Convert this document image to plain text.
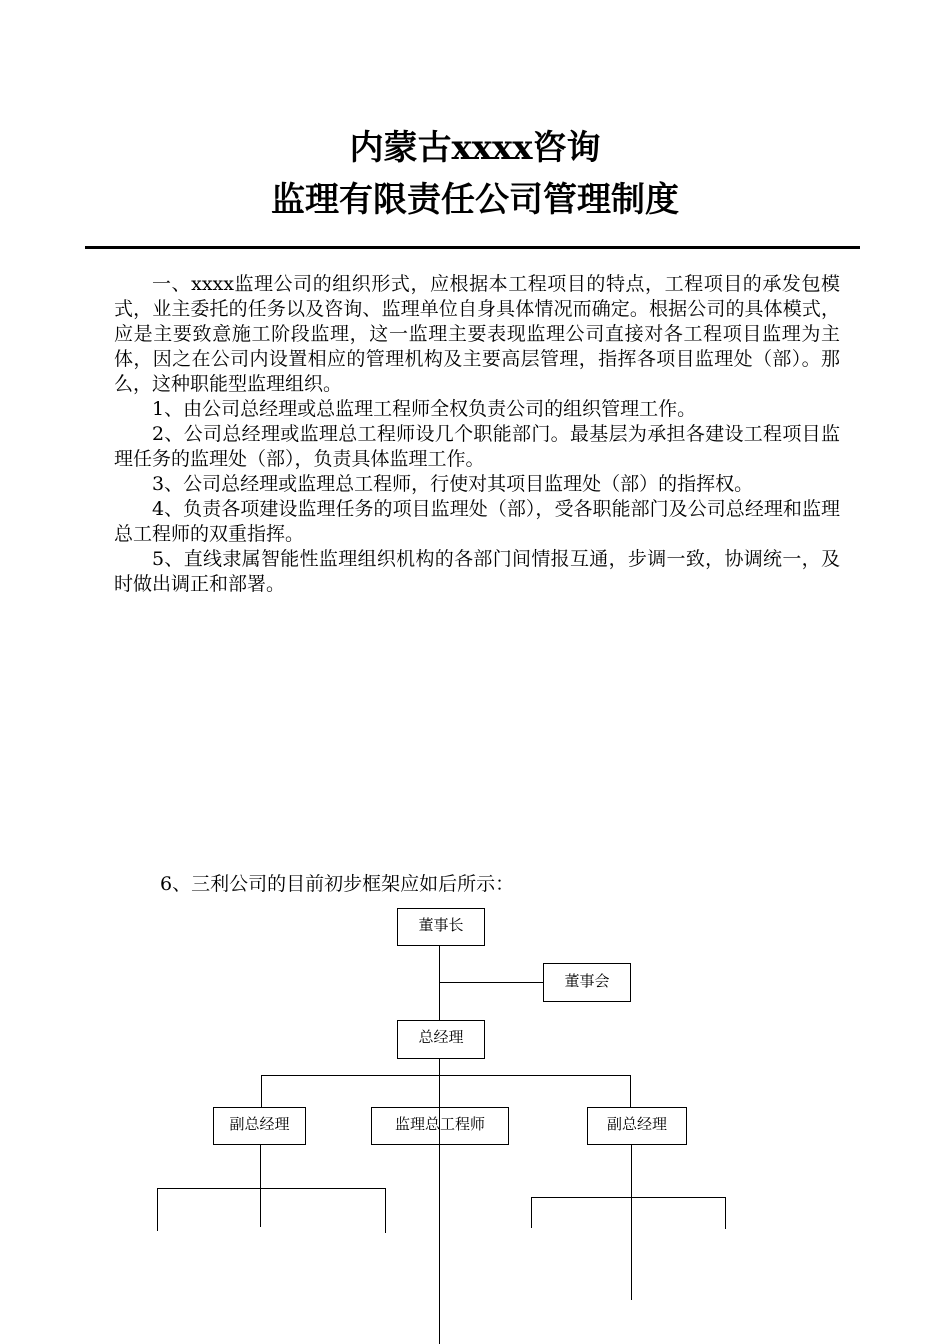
内蒙古xxxx咨询
监理有限责任公司管理制度

一、xxxx监理公司的组织形式，应根据本工程项目的特点，工程项目的承发包模式，业主委托的任务以及咨询、监理单位自身具体情况而确定。根据公司的具体模式，应是主要致意施工阶段监理，这一监理主要表现监理公司直接对各工程项目监理为主体，因之在公司内设置相应的管理机构及主要高层管理，指挥各项目监理处（部）。那么，这种职能型监理组织。

1、由公司总经理或总监理工程师全权负责公司的组织管理工作。

2、公司总经理或监理总工程师设几个职能部门。最基层为承担各建设工程项目监理任务的监理处（部），负责具体监理工作。

3、公司总经理或监理总工程师，行使对其项目监理处（部）的指挥权。

4、负责各项建设监理任务的项目监理处（部），受各职能部门及公司总经理和监理总工程师的双重指挥。

5、直线隶属智能性监理组织机构的各部门间情报互通，步调一致，协调统一，及时做出调正和部署。

6、三利公司的目前初步框架应如后所示：
董事长
董事会
总经理
副总经理	监理总工程师	副总经理
